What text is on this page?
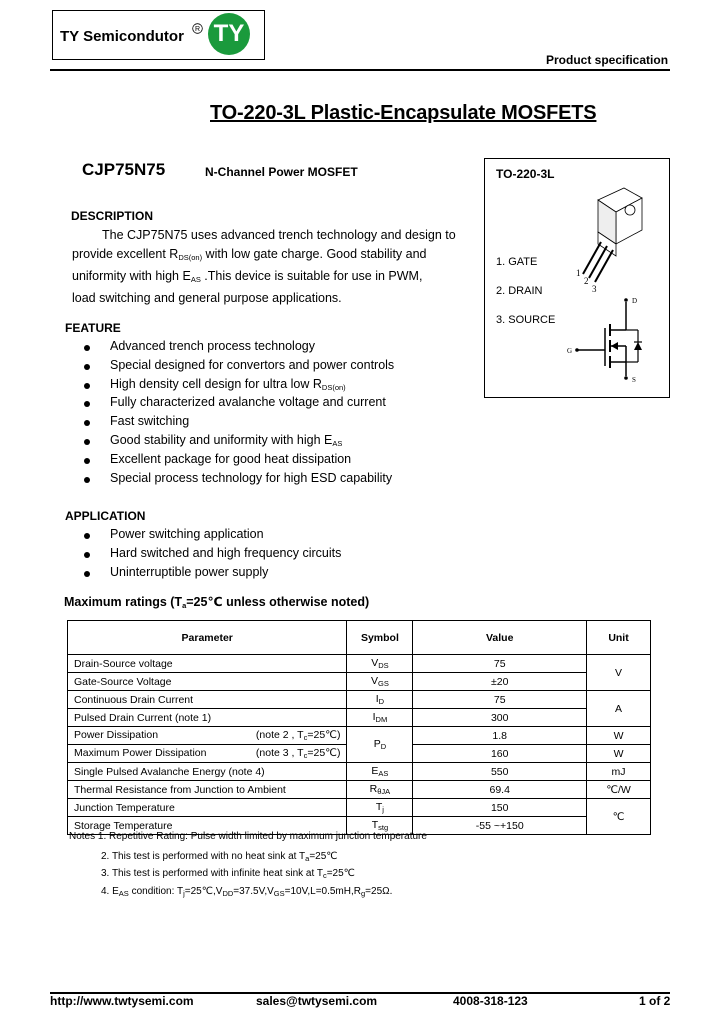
TY Semicondutor R TY
Product specification
TO-220-3L Plastic-Encapsulate MOSFETS
CJP75N75	N-Channel Power MOSFET	TO-220-3L
1. GATE
2. DRAIN
3. SOURCE
1
2
3
D
G
S
DESCRIPTION
The CJP75N75 uses advanced trench technology and design to
provide excellent $R_{DS(on)}$ with low gate charge. Good stability and
uniformity with high $E_{AS}$ .This device is suitable for use in PWM,
load switching and general purpose applications.
FEATURE
Advanced trench process technology
Special designed for convertors and power controls
High density cell design for ultra low $R_{DS(on)}$
Fully characterized avalanche voltage and current
Fast switching
Good stability and uniformity with high $E_{AS}$
Excellent package for good heat dissipation
Special process technology for high ESD capability
APPLICATION
Power switching application
Hard switched and high frequency circuits
Uninterruptible power supply
Maximum ratings ($T_a=25℃$ unless otherwise noted)
Parameter	Symbol	Value	Unit
Drain-Source voltage	$V_{DS}$	75	V
Gate-Source Voltage	$V_{GS}$	±20	
Continuous Drain Current	$I_D$	75	A
Pulsed Drain Current (note 1)	$I_{DM}$	300	
Power Dissipation (note 2 , $T_c=25℃$)	$P_D$	1.8	W
Maximum Power Dissipation (note 3 , $T_c=25℃$)		160	W
Single Pulsed Avalanche Energy (note 4)	$E_{AS}$	550	mJ
Thermal Resistance from Junction to Ambient	$R_{\theta JA}$	69.4	℃/W
Junction Temperature	$T_j$	150	℃
Storage Temperature	$T_{stg}$	-55 ~+150	
Notes 1. Repetitive Rating: Pulse width limited by maximum junction temperature
2. This test is performed with no heat sink at $T_a=25℃$
3. This test is performed with infinite heat sink at $T_c=25℃$
4. $E_{AS}$ condition: $T_j=25℃,V_{DD}=37.5V,V_{GS}=10V,L=0.5mH,R_g=25\Omega$.
http://www.twtysemi.com	sales@twtysemi.com	4008-318-123	1 of 2
